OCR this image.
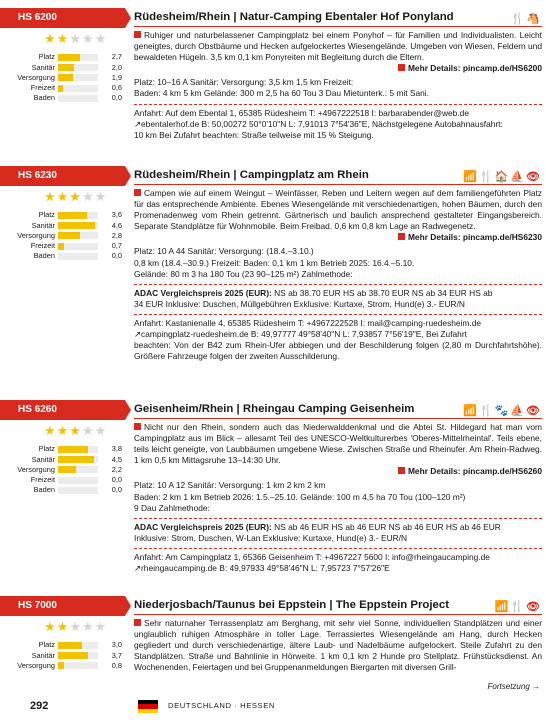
HS 6200
★★★★★
Platz	2,7
Sanitär	2,0
Versorgung	1,9
Freizeit	0,6
Baden	0,0
Rüdesheim/Rhein | Natur-Camping Ebentaler Hof Ponyland	🍴🐴
Ruhiger und naturbelassener Campingplatz bei einem Ponyhof – für Familien und Individualisten. Leicht geneigtes, durch Obstbäume und Hecken aufgelockertes Wiesengelände. Umgeben von Wiesen, Feldern und bewaldeten Hügeln. 3,5 km 0,1 km Ponyreiten mit Begleitung durch die Eltern.

Mehr Details: pincamp.de/HS6200
Platz: 10–16 A Sanitär: Versorgung: 3,5 km 1,5 km Freizeit:
Baden: 4 km 5 km Gelände: 300 m 2,5 ha 60 Tou 3 Dau Mietunterk.: 5 mit Sani.
Anfahrt: Auf dem Ebental 1, 65385 Rüdesheim T: +4967222518 I: barbarabender@web.de
↗ebentalerhof.de B: 50,00272 50°0'10"N L: 7,91013 7°54'36"E, Nächstgelegene Autobahnausfahrt:
10 km Bei Zufahrt beachten: Straße teilweise mit 15 % Steigung.
HS 6230
★★★★★
Platz	3,6
Sanitär	4,6
Versorgung	2,8
Freizeit	0,7
Baden	0,0
Rüdesheim/Rhein | Campingplatz am Rhein	📶🍴🏠⛵👁
Campen wie auf einem Weingut – Weinfässer, Reben und Leitern wegen auf dem familiengeführten Platz für das entsprechende Ambiente. Ebenes Wiesengelände mit verschiedenartigen, hohen Bäumen, durch den Promenadenweg vom Rhein getrennt. Gärtnerisch und baulich ansprechend gestalteter Eingangsbereich. Separate Standplätze für Wohnmobile. Beim Freibad. 0,6 km 0,8 km Lage an Radwegenetz.

Mehr Details: pincamp.de/HS6230
Platz: 10 A 44 Sanitär: Versorgung: (18.4.–3.10.)
0,8 km (18.4.–30.9.) Freizeit: Baden: 0,1 km 1 km Betrieb 2025: 16.4.–5.10.
Gelände: 80 m 3 ha 180 Tou (23 90–125 m²) Zahlmethode:
ADAC Vergleichspreis 2025 (EUR): NS ab 38.70 EUR HS ab 38.70 EUR NS ab 34 EUR HS ab
34 EUR Inklusive: Duschen, Müllgebühren Exklusive: Kurtaxe, Strom, Hund(e) 3.- EUR/N
Anfahrt: Kastanienalle 4, 65385 Rüdesheim T: +4967222528 I: mail@camping-ruedesheim.de
↗campingplatz-ruedesheim.de B: 49,97777 49°58'40"N L: 7,93857 7°56'19"E, Bei Zufahrt
beachten: Von der B42 zum Rhein-Ufer abbiegen und der Beschilderung folgen (2,80 m Durchfahrtshöhe). Größere Fahrzeuge folgen der zweiten Ausschilderung.
HS 6260
★★★★★
Platz	3,8
Sanitär	4,5
Versorgung	2,2
Freizeit	0,0
Baden	0,0
Geisenheim/Rhein | Rheingau Camping Geisenheim	📶🍴🐾⛵👁
Nicht nur den Rhein, sondern auch das Niederwalddenkmal und die Abtei St. Hildegard hat man vom Campingplatz aus im Blick – allesamt Teil des UNESCO-Weltkulturerbes 'Oberes-Mittelrheintal'. Teils ebene, teils leicht geneigte, von Laubbäumen umgebene Wiese. Zwischen Straße und Rheinufer. Am Rhein-Radweg. 1 km 0,5 km Mittagsruhe 13–14:30 Uhr.

Mehr Details: pincamp.de/HS6260
Platz: 10 A 12 Sanitär: Versorgung: 1 km 2 km 2 km
Baden: 2 km 1 km Betrieb 2026: 1.5.–25.10. Gelände: 100 m 4,5 ha 70 Tou (100–120 m²)
9 Dau Zahlmethode:
ADAC Vergleichspreis 2025 (EUR): NS ab 46 EUR HS ab 46 EUR NS ab 46 EUR HS ab 46 EUR
Inklusive: Strom, Duschen, W-Lan Exklusive: Kurtaxe, Hund(e) 3.- EUR/N
Anfahrt: Am Campingplatz 1, 65366 Geisenheim T: +4967227 5600 I: info@rheingaucamping.de
↗rheingaucamping.de B: 49,97933 49°58'46"N L: 7,95723 7°57'26"E
HS 7000
★★★★★
Platz	3,0
Sanitär	3,7
Versorgung	0,8
Niederjosbach/Taunus bei Eppstein | The Eppstein Project	📶🍴👁
Sehr naturnaher Terrassenplatz am Berghang, mit sehr viel Sonne, individuellen Standplätzen und einer unglaublich ruhigen Atmosphäre in toller Lage. Terrassiertes Wiesengelände am Hang, durch Hecken gegliedert und durch verschiedenartige, ältere Laub- und Nadelbäume aufgelockert. Steile Zufahrt zu den Standplätzen. Straße und Bahnlinie in Hörweite. 1 km 0,1 km 2 Hunde pro Stellplatz. Frühstücksdienst. An Wochenenden, Feiertagen und bei Gruppenanmeldungen Biergarten mit diversen Grill-
Fortsetzung →
292	DEUTSCHLAND · HESSEN
